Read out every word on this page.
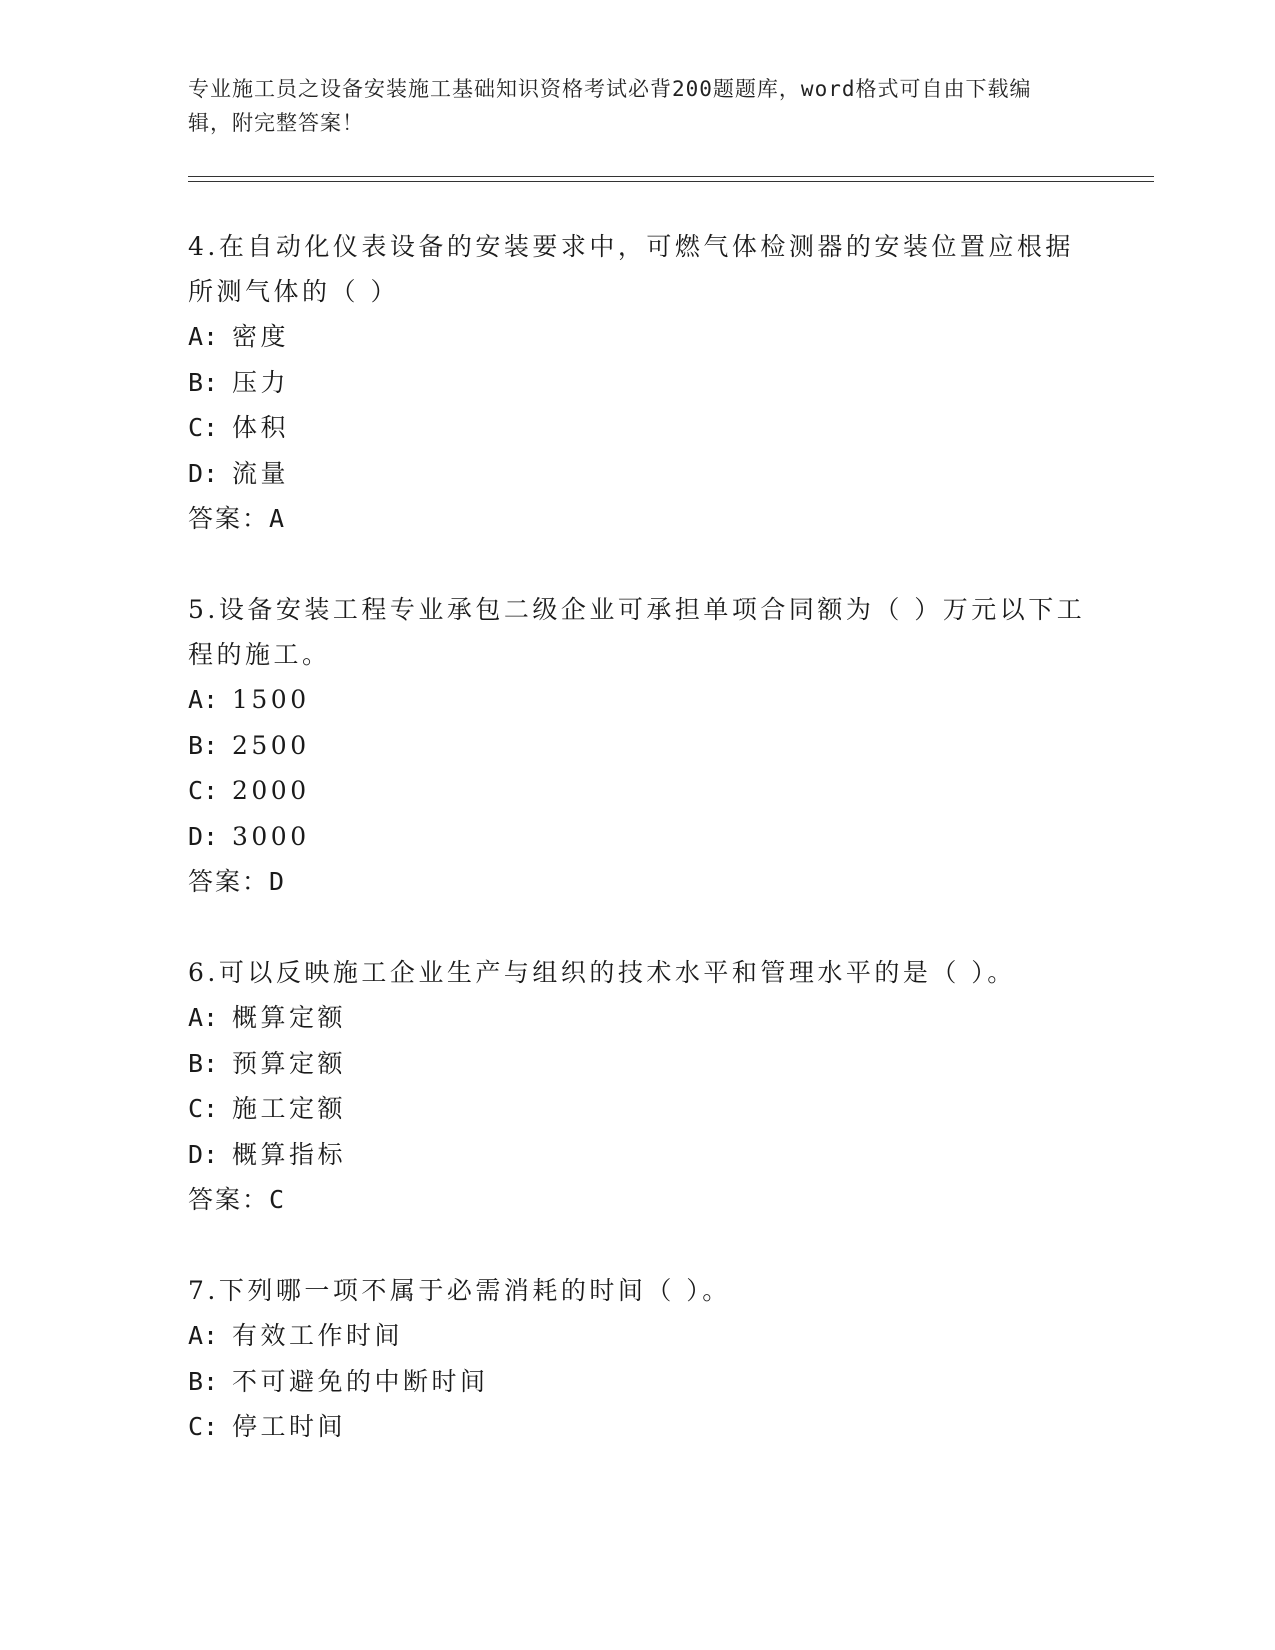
专业施工员之设备安装施工基础知识资格考试必背200题题库，word格式可自由下载编辑，附完整答案！

4.在自动化仪表设备的安装要求中，可燃气体检测器的安装位置应根据所测气体的（ ）

A: 密度

B: 压力

C: 体积

D: 流量

答案：A

5.设备安装工程专业承包二级企业可承担单项合同额为（ ）万元以下工程的施工。

A: 1500

B: 2500

C: 2000

D: 3000

答案：D

6.可以反映施工企业生产与组织的技术水平和管理水平的是（ ）。

A: 概算定额

B: 预算定额

C: 施工定额

D: 概算指标

答案：C

7.下列哪一项不属于必需消耗的时间（ ）。

A: 有效工作时间

B: 不可避免的中断时间

C: 停工时间
